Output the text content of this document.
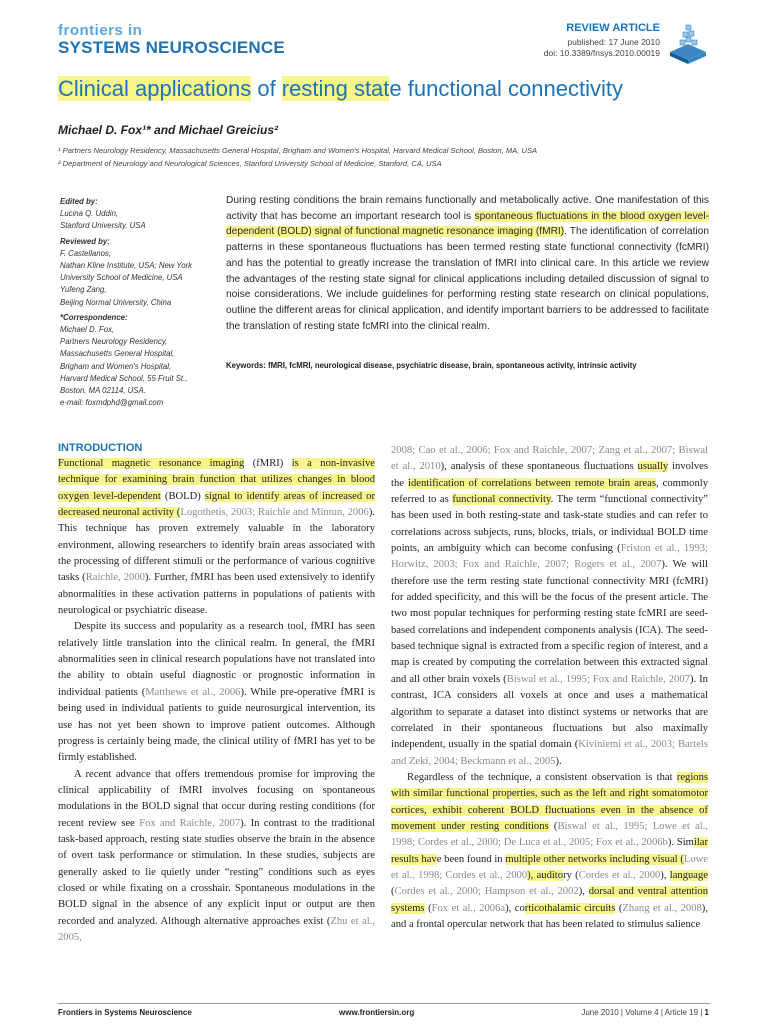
frontiers in
SYSTEMS NEUROSCIENCE
REVIEW ARTICLE
published: 17 June 2010
doi: 10.3389/fnsys.2010.00019
Clinical applications of resting state functional connectivity
Michael D. Fox¹* and Michael Greicius²
¹ Partners Neurology Residency, Massachusetts General Hospital, Brigham and Women's Hospital, Harvard Medical School, Boston, MA, USA
² Department of Neurology and Neurological Sciences, Stanford University School of Medicine, Stanford, CA, USA
Edited by:
Lucina Q. Uddin,
Stanford University, USA
Reviewed by:
F. Castellanos,
Nathan Kline Institute, USA; New York
University School of Medicine, USA
Yufeng Zang,
Beijing Normal University, China
*Correspondence:
Michael D. Fox,
Partners Neurology Residency,
Massachusetts General Hospital,
Brigham and Women's Hospital,
Harvard Medical School, 55 Fruit St.,
Boston, MA 02114, USA.
e-mail: foxmdphd@gmail.com
During resting conditions the brain remains functionally and metabolically active. One manifestation of this activity that has become an important research tool is spontaneous fluctuations in the blood oxygen level-dependent (BOLD) signal of functional magnetic resonance imaging (fMRI). The identification of correlation patterns in these spontaneous fluctuations has been termed resting state functional connectivity (fcMRI) and has the potential to greatly increase the translation of fMRI into clinical care. In this article we review the advantages of the resting state signal for clinical applications including detailed discussion of signal to noise considerations. We include guidelines for performing resting state research on clinical populations, outline the different areas for clinical application, and identify important barriers to be addressed to facilitate the translation of resting state fcMRI into the clinical realm.
Keywords: fMRI, fcMRI, neurological disease, psychiatric disease, brain, spontaneous activity, intrinsic activity
INTRODUCTION

Functional magnetic resonance imaging (fMRI) is a non-invasive technique for examining brain function that utilizes changes in blood oxygen level-dependent (BOLD) signal to identify areas of increased or decreased neuronal activity (Logothetis, 2003; Raichle and Mintun, 2006). This technique has proven extremely valuable in the laboratory environment, allowing researchers to identify brain areas associated with the processing of different stimuli or the performance of various cognitive tasks (Raichle, 2000). Further, fMRI has been used extensively to identify abnormalities in these activation patterns in populations of patients with neurological or psychiatric disease.

Despite its success and popularity as a research tool, fMRI has seen relatively little translation into the clinical realm. In general, the fMRI abnormalities seen in clinical research populations have not translated into the ability to obtain useful diagnostic or prognostic information in individual patients (Matthews et al., 2006). While pre-operative fMRI is being used in individual patients to guide neurosurgical intervention, its use has not yet been shown to improve patient outcomes. Although progress is certainly being made, the clinical utility of fMRI has yet to be firmly established.

A recent advance that offers tremendous promise for improving the clinical applicability of fMRI involves focusing on spontaneous modulations in the BOLD signal that occur during resting conditions (for recent review see Fox and Raichle, 2007). In contrast to the traditional task-based approach, resting state studies observe the brain in the absence of overt task performance or stimulation. In these studies, subjects are generally asked to lie quietly under “resting” conditions such as eyes closed or while fixating on a crosshair. Spontaneous modulations in the BOLD signal in the absence of any explicit input or output are then recorded and analyzed. Although alternative approaches exist (Zhu et al., 2005,

2008; Cao et al., 2006; Fox and Raichle, 2007; Zang et al., 2007; Biswal et al., 2010), analysis of these spontaneous fluctuations usually involves the identification of correlations between remote brain areas, commonly referred to as functional connectivity. The term “functional connectivity” has been used in both resting-state and task-state studies and can refer to correlations across subjects, runs, blocks, trials, or individual BOLD time points, an ambiguity which can become confusing (Friston et al., 1993; Horwitz, 2003; Fox and Raichle, 2007; Rogers et al., 2007). We will therefore use the term resting state functional connectivity MRI (fcMRI) for added specificity, and this will be the focus of the present article. The two most popular techniques for performing resting state fcMRI are seed-based correlations and independent components analysis (ICA). The seed-based technique signal is extracted from a specific region of interest, and a map is created by computing the correlation between this extracted signal and all other brain voxels (Biswal et al., 1995; Fox and Raichle, 2007). In contrast, ICA considers all voxels at once and uses a mathematical algorithm to separate a dataset into distinct systems or networks that are correlated in their spontaneous fluctuations but also maximally independent, usually in the spatial domain (Kiviniemi et al., 2003; Bartels and Zeki, 2004; Beckmann et al., 2005).

Regardless of the technique, a consistent observation is that regions with similar functional properties, such as the left and right somatomotor cortices, exhibit coherent BOLD fluctuations even in the absence of movement under resting conditions (Biswal et al., 1995; Lowe et al., 1998; Cordes et al., 2000; De Luca et al., 2005; Fox et al., 2006b). Similar results have been found in multiple other networks including visual (Lowe et al., 1998; Cordes et al., 2000), auditory (Cordes et al., 2000), language (Cordes et al., 2000; Hampson et al., 2002), dorsal and ventral attention systems (Fox et al., 2006a), corticothalamic circuits (Zhang et al., 2008), and a frontal opercular network that has been related to stimulus salience

Frontiers in Systems Neuroscience	www.frontiersin.org	June 2010 | Volume 4 | Article 19 | 1
